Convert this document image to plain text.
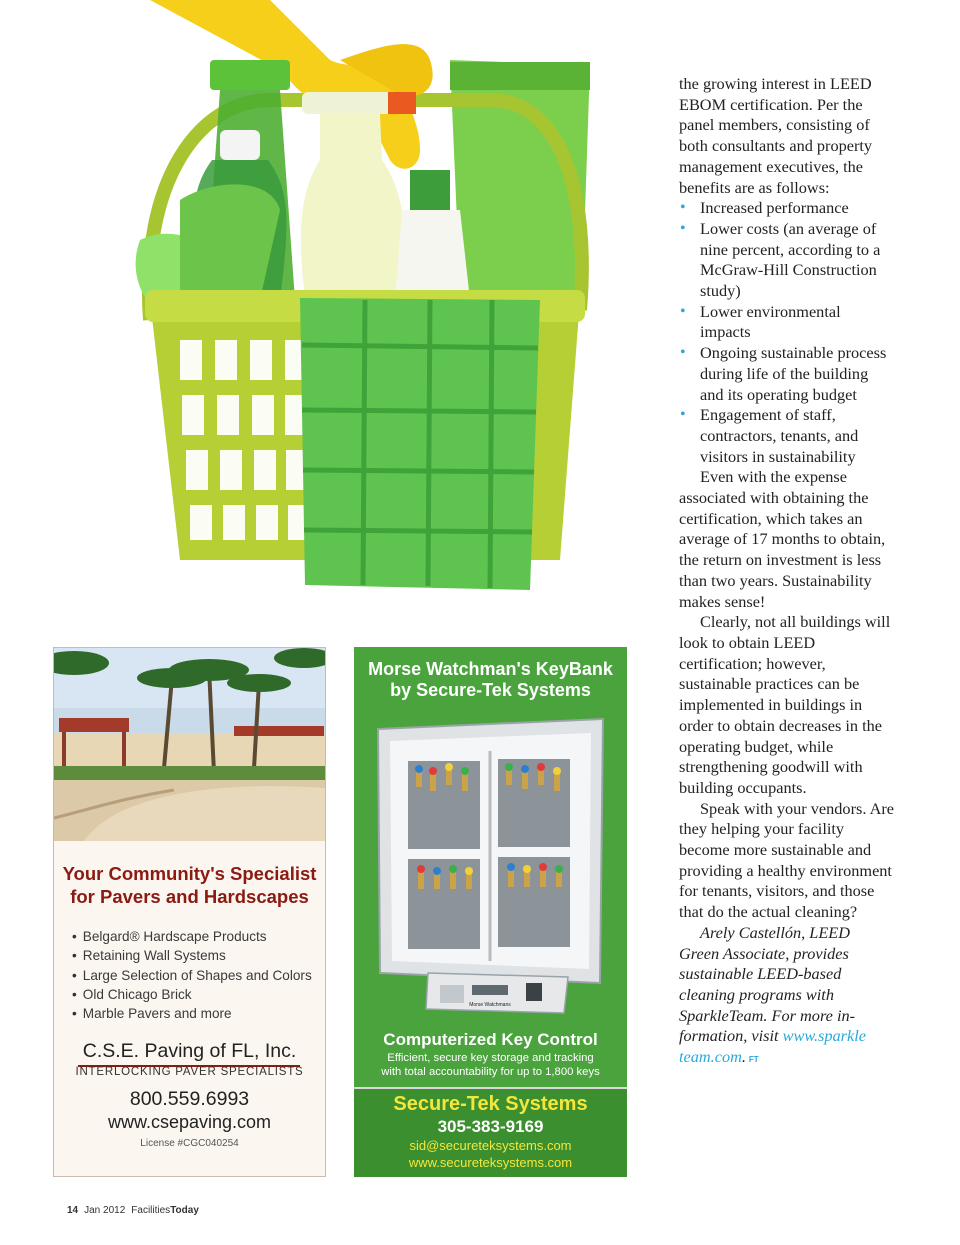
the growing interest in LEED EBOM certification. Per the panel members, consisting of both consultants and property management executives, the benefits are as follows:

• Increased performance
• Lower costs (an average of nine percent, according to a McGraw-Hill Construction study)
• Lower environmental impacts
• Ongoing sustainable process during life of the building and its operating budget
• Engagement of staff, contractors, tenants, and visitors in sustainability

Even with the expense associated with obtaining the certification, which takes an average of 17 months to obtain, the return on investment is less than two years. Sustainability makes sense!

Clearly, not all buildings will look to obtain LEED certification; however, sustainable practices can be implemented in buildings in order to obtain decreases in the operating budget, while strengthening goodwill with building occupants.

Speak with your vendors. Are they helping your facility become more sustainable and providing a healthy environment for tenants, visitors, and those that do the actual cleaning?

Arely Castellón, LEED Green Associate, provides sustainable LEED-based cleaning programs with SparkleTeam. For more information, visit www.sparkle team.com. FT

Your Community's Specialist for Pavers and Hardscapes
• Belgard® Hardscape Products
• Retaining Wall Systems
• Large Selection of Shapes and Colors
• Old Chicago Brick
• Marble Pavers and more
C.S.E. Paving of FL, Inc.
INTERLOCKING PAVER SPECIALISTS
800.559.6993
www.csepaving.com
License #CGC040254
Morse Watchman's KeyBank
by Secure-Tek Systems
Morse Watchmans
Computerized Key Control
Efficient, secure key storage and tracking
with total accountability for up to 1,800 keys
Secure-Tek Systems
305-383-9169
sid@secureteksystems.com
www.secureteksystems.com
14 Jan 2012 FacilitiesToday
